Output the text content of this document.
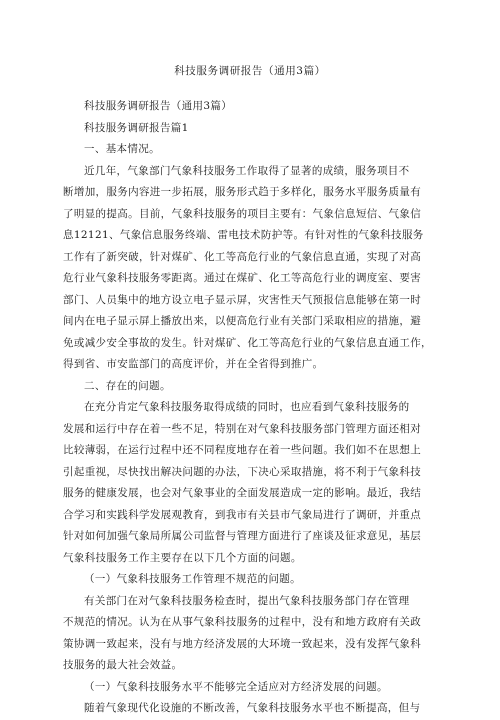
科技服务调研报告（通用3篇）
科技服务调研报告（通用3篇）
科技服务调研报告篇1
一、基本情况。
近几年，气象部门气象科技服务工作取得了显著的成绩，服务项目不
断增加，服务内容进一步拓展，服务形式趋于多样化，服务水平服务质量有
了明显的提高。目前，气象科技服务的项目主要有：气象信息短信、气象信
息12121、气象信息服务终端、雷电技术防护等。有针对性的气象科技服务
工作有了新突破，针对煤矿、化工等高危行业的气象信息直通，实现了对高
危行业气象科技服务零距离。通过在煤矿、化工等高危行业的调度室、要害
部门、人员集中的地方设立电子显示屏，灾害性天气预报信息能够在第一时
间内在电子显示屏上播放出来，以便高危行业有关部门采取相应的措施，避
免或减少安全事故的发生。针对煤矿、化工等高危行业的气象信息直通工作，
得到省、市安监部门的高度评价，并在全省得到推广。
二、存在的问题。
在充分肯定气象科技服务取得成绩的同时，也应看到气象科技服务的
发展和运行中存在着一些不足，特别在对气象科技服务部门管理方面还相对
比较薄弱，在运行过程中还不同程度地存在着一些问题。我们如不在思想上
引起重视，尽快找出解决问题的办法，下决心采取措施，将不利于气象科技
服务的健康发展，也会对气象事业的全面发展造成一定的影响。最近，我结
合学习和实践科学发展观教育，到我市有关县市气象局进行了调研，并重点
针对如何加强气象局所属公司监督与管理方面进行了座谈及征求意见，基层
气象科技服务工作主要存在以下几个方面的问题。
（一）气象科技服务工作管理不规范的问题。
有关部门在对气象科技服务检查时，提出气象科技服务部门存在管理
不规范的情况。认为在从事气象科技服务的过程中，没有和地方政府有关政
策协调一致起来，没有与地方经济发展的大环境一致起来，没有发挥气象科
技服务的最大社会效益。
（一）气象科技服务水平不能够完全适应对方经济发展的问题。
随着气象现代化设施的不断改善，气象科技服务水平也不断提高，但与
